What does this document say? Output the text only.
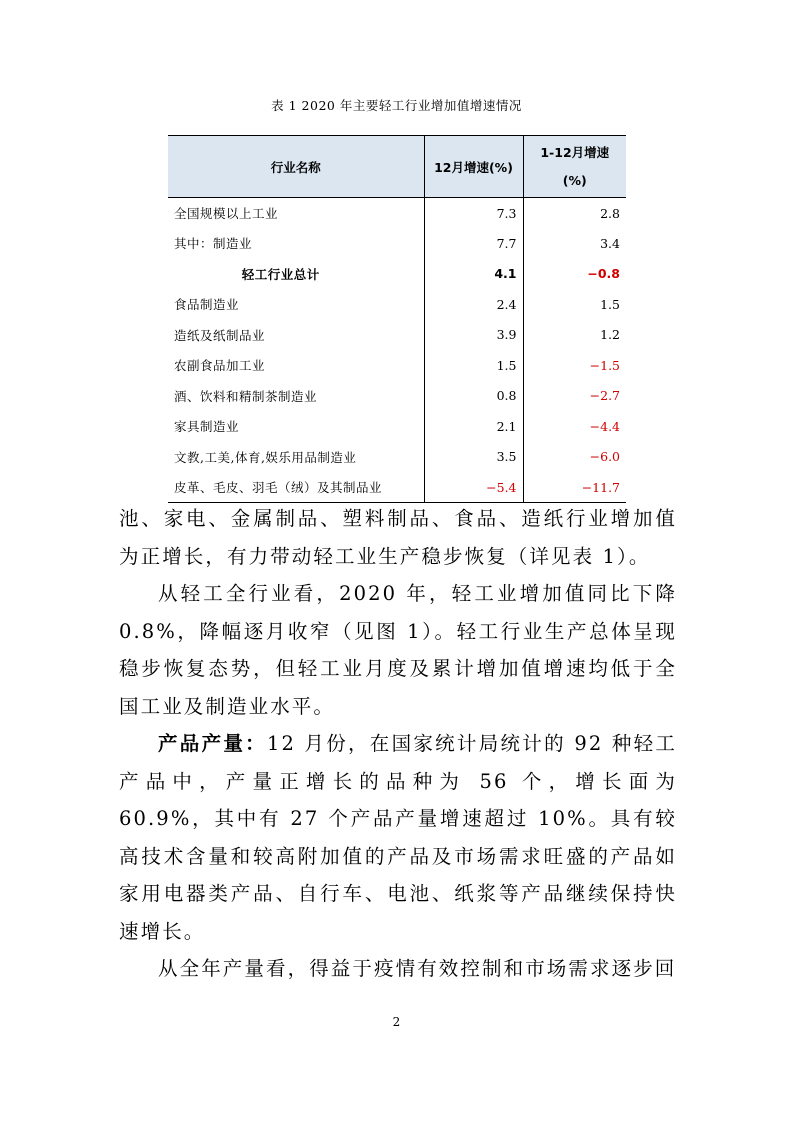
表 1 2020 年主要轻工行业增加值增速情况
行业名称	12月增速(%)	1-12月增速
(%)

全国规模以上工业	7.3	2.8
其中：制造业	7.7	3.4
轻工行业总计	4.1	−0.8
食品制造业	2.4	1.5
造纸及纸制品业	3.9	1.2
农副食品加工业	1.5	−1.5
酒、饮料和精制茶制造业	0.8	−2.7
家具制造业	2.1	−4.4
文教,工美,体育,娱乐用品制造业	3.5	−6.0
皮革、毛皮、羽毛（绒）及其制品业	−5.4	−11.7

池、家电、金属制品、塑料制品、食品、造纸行业增加值为正增长，有力带动轻工业生产稳步恢复（详见表 1）。

从轻工全行业看，2020 年，轻工业增加值同比下降 0.8%，降幅逐月收窄（见图 1）。轻工行业生产总体呈现稳步恢复态势，但轻工业月度及累计增加值增速均低于全国工业及制造业水平。

产品产量：12 月份，在国家统计局统计的 92 种轻工产品中，产量正增长的品种为 56 个，增长面为 60.9%，其中有 27 个产品产量增速超过 10%。具有较高技术含量和较高附加值的产品及市场需求旺盛的产品如家用电器类产品、自行车、电池、纸浆等产品继续保持快速增长。

从全年产量看，得益于疫情有效控制和市场需求逐步回

2
